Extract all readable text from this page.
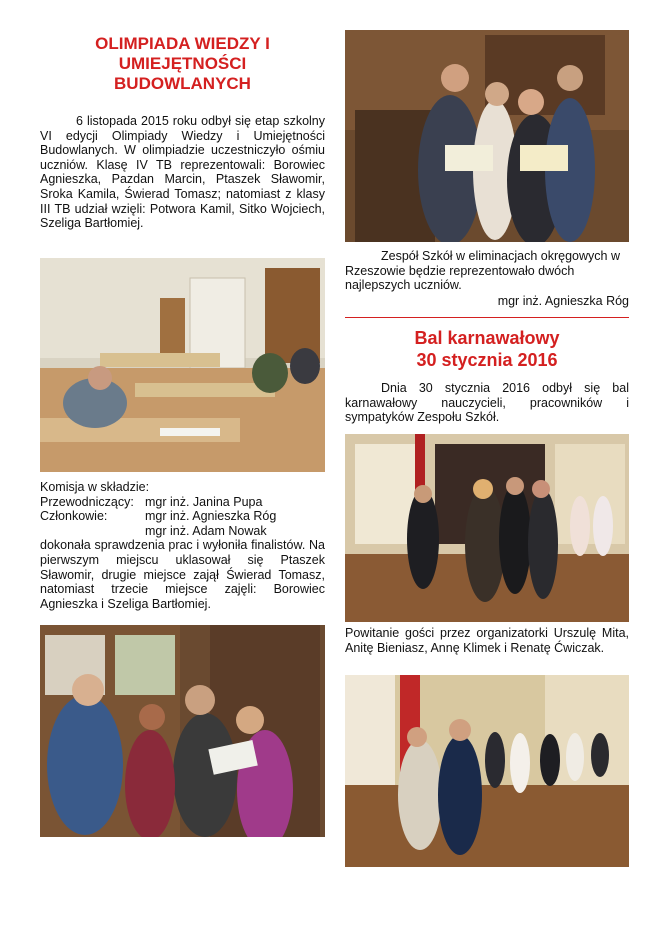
OLIMPIADA WIEDZY I
UMIEJĘTNOŚCI
BUDOWLANYCH

6 listopada 2015 roku odbył się etap szkolny VI edycji Olimpiady Wiedzy i Umiejętności Budowlanych. W olimpiadzie uczestniczyło ośmiu uczniów. Klasę IV TB reprezentowali: Borowiec Agnieszka, Pazdan Marcin, Ptaszek Sławomir, Sroka Kamila, Świerad Tomasz; natomiast z klasy III TB udział wzięli: Potwora Kamil, Sitko Wojciech, Szeliga Bartłomiej.

Komisja w składzie:
Przewodniczący: mgr inż. Janina Pupa
Członkowie:	mgr inż. Agnieszka Róg
mgr inż. Adam Nowak
dokonała sprawdzenia prac i wyłoniła finalistów. Na pierwszym miejscu uklasował się Ptaszek Sławomir, drugie miejsce zajął Świerad Tomasz, natomiast trzecie miejsce zajęli: Borowiec Agnieszka i Szeliga Bartłomiej.

Zespół Szkół w eliminacjach okręgowych w Rzeszowie będzie reprezentowało dwóch najlepszych uczniów.

mgr inż. Agnieszka Róg
Bal karnawałowy
30 stycznia 2016

Dnia 30 stycznia 2016 odbył się bal karnawałowy nauczycieli, pracowników i sympatyków Zespołu Szkół.

Powitanie gości przez organizatorki Urszulę Mita, Anitę Bieniasz, Annę Klimek i Renatę Ćwiczak.
